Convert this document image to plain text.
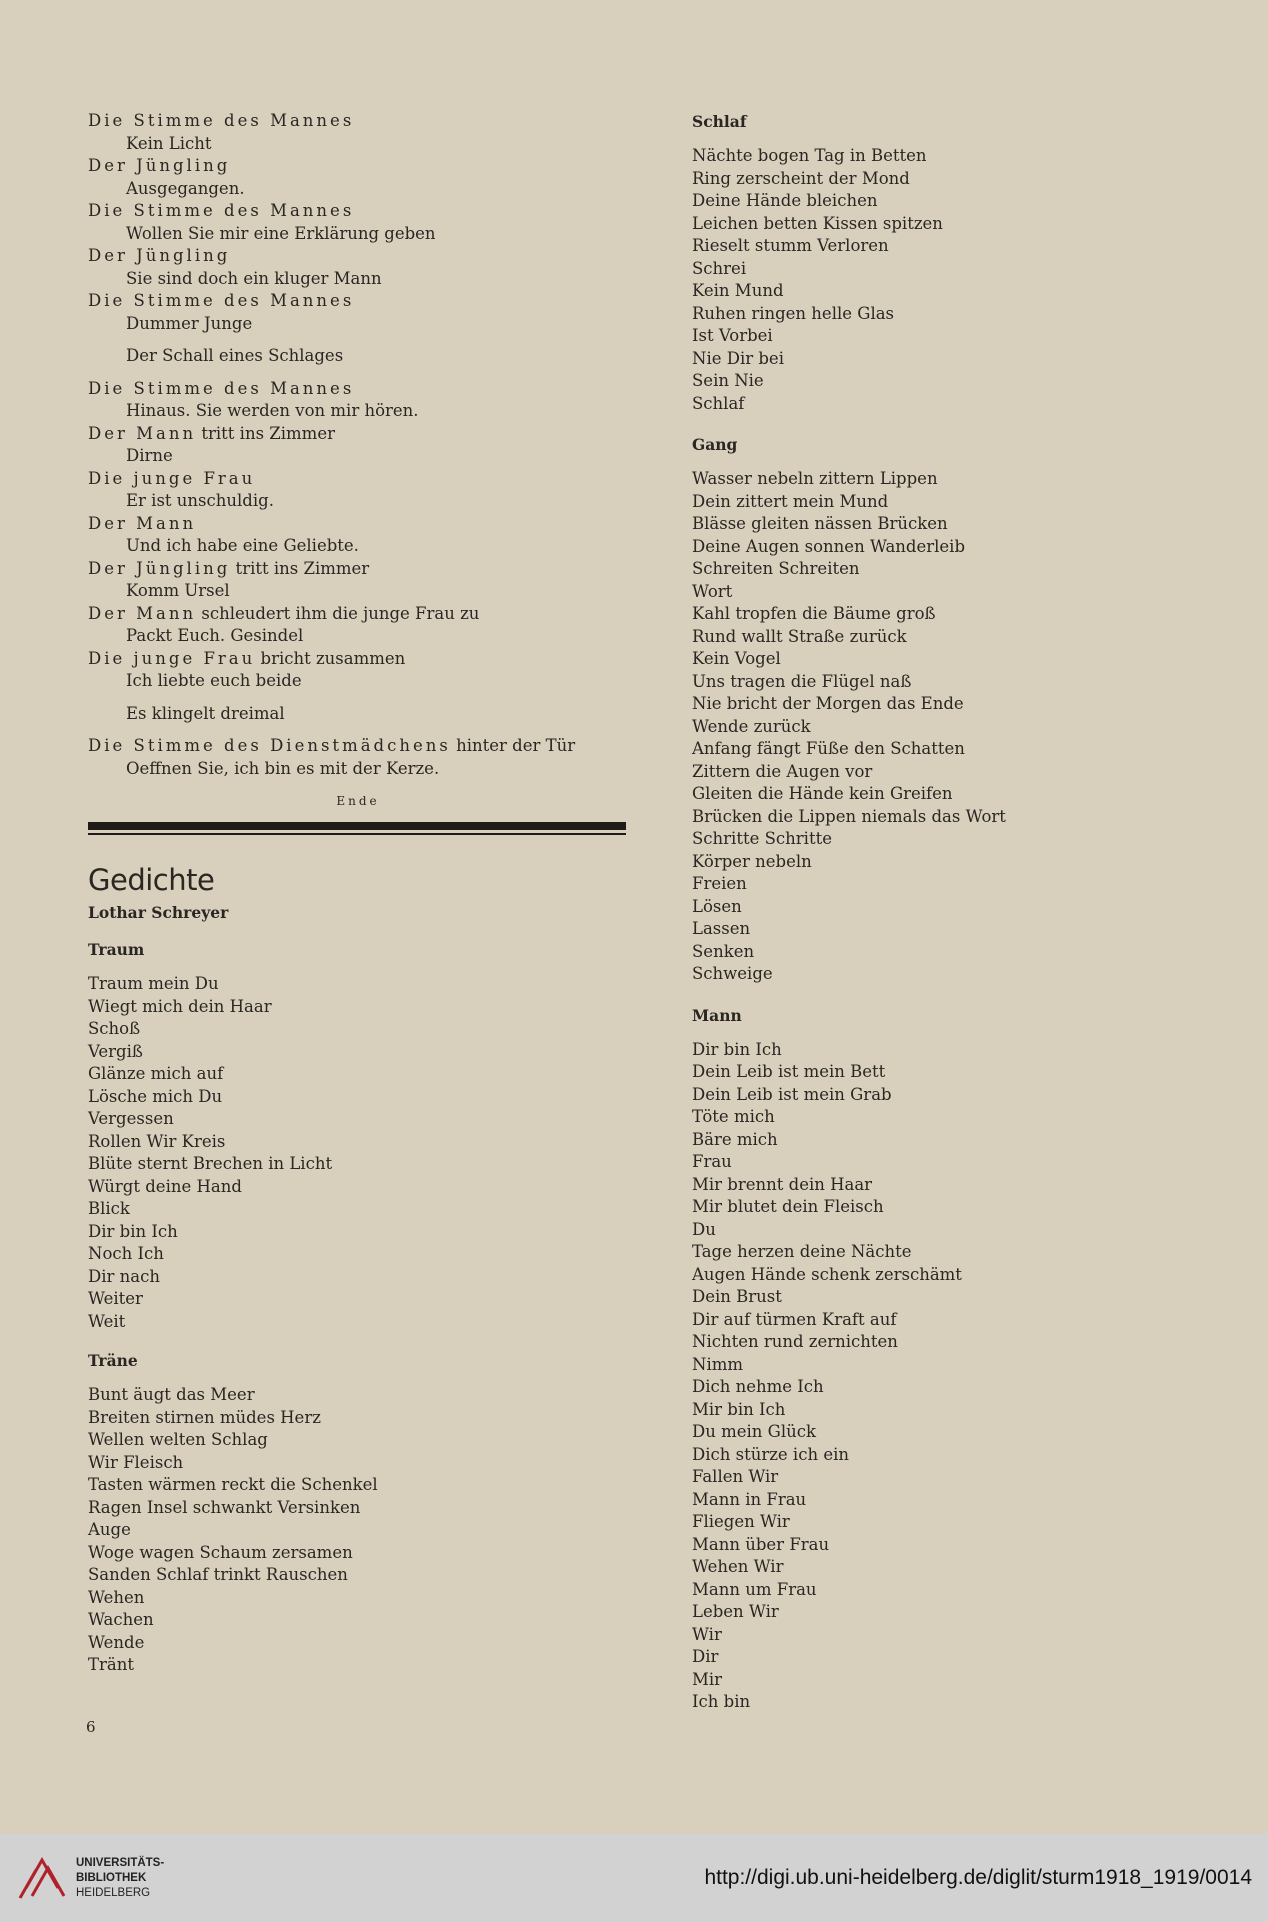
Die Stimme des Mannes
Kein Licht
Der Jüngling
Ausgegangen.
Die Stimme des Mannes
Wollen Sie mir eine Erklärung geben
Der Jüngling
Sie sind doch ein kluger Mann
Die Stimme des Mannes
Dummer Junge
Der Schall eines Schlages
Die Stimme des Mannes
Hinaus. Sie werden von mir hören.
Der Mann tritt ins Zimmer
Dirne
Die junge Frau
Er ist unschuldig.
Der Mann
Und ich habe eine Geliebte.
Der Jüngling tritt ins Zimmer
Komm Ursel
Der Mann schleudert ihm die junge Frau zu
Packt Euch. Gesindel
Die junge Frau bricht zusammen
Ich liebte euch beide
Es klingelt dreimal
Die Stimme des Dienstmädchens hinter der Tür
Oeffnen Sie, ich bin es mit der Kerze.
Ende
Gedichte
Lothar Schreyer
Traum
Traum mein Du
Wiegt mich dein Haar
Schoß
Vergiß
Glänze mich auf
Lösche mich Du
Vergessen
Rollen Wir Kreis
Blüte sternt Brechen in Licht
Würgt deine Hand
Blick
Dir bin Ich
Noch Ich
Dir nach
Weiter
Weit
Träne
Bunt äugt das Meer
Breiten stirnen müdes Herz
Wellen welten Schlag
Wir Fleisch
Tasten wärmen reckt die Schenkel
Ragen Insel schwankt Versinken
Auge
Woge wagen Schaum zersamen
Sanden Schlaf trinkt Rauschen
Wehen
Wachen
Wende
Tränt
Schlaf
Nächte bogen Tag in Betten
Ring zerscheint der Mond
Deine Hände bleichen
Leichen betten Kissen spitzen
Rieselt stumm Verloren
Schrei
Kein Mund
Ruhen ringen helle Glas
Ist Vorbei
Nie Dir bei
Sein Nie
Schlaf
Gang
Wasser nebeln zittern Lippen
Dein zittert mein Mund
Blässe gleiten nässen Brücken
Deine Augen sonnen Wanderleib
Schreiten Schreiten
Wort
Kahl tropfen die Bäume groß
Rund wallt Straße zurück
Kein Vogel
Uns tragen die Flügel naß
Nie bricht der Morgen das Ende
Wende zurück
Anfang fängt Füße den Schatten
Zittern die Augen vor
Gleiten die Hände kein Greifen
Brücken die Lippen niemals das Wort
Schritte Schritte
Körper nebeln
Freien
Lösen
Lassen
Senken
Schweige
Mann
Dir bin Ich
Dein Leib ist mein Bett
Dein Leib ist mein Grab
Töte mich
Bäre mich
Frau
Mir brennt dein Haar
Mir blutet dein Fleisch
Du
Tage herzen deine Nächte
Augen Hände schenk zerschämt
Dein Brust
Dir auf türmen Kraft auf
Nichten rund zernichten
Nimm
Dich nehme Ich
Mir bin Ich
Du mein Glück
Dich stürze ich ein
Fallen Wir
Mann in Frau
Fliegen Wir
Mann über Frau
Wehen Wir
Mann um Frau
Leben Wir
Wir
Dir
Mir
Ich bin
6
UNIVERSITÄTS-
BIBLIOTHEK
HEIDELBERG
http://digi.ub.uni-heidelberg.de/diglit/sturm1918_1919/0014
